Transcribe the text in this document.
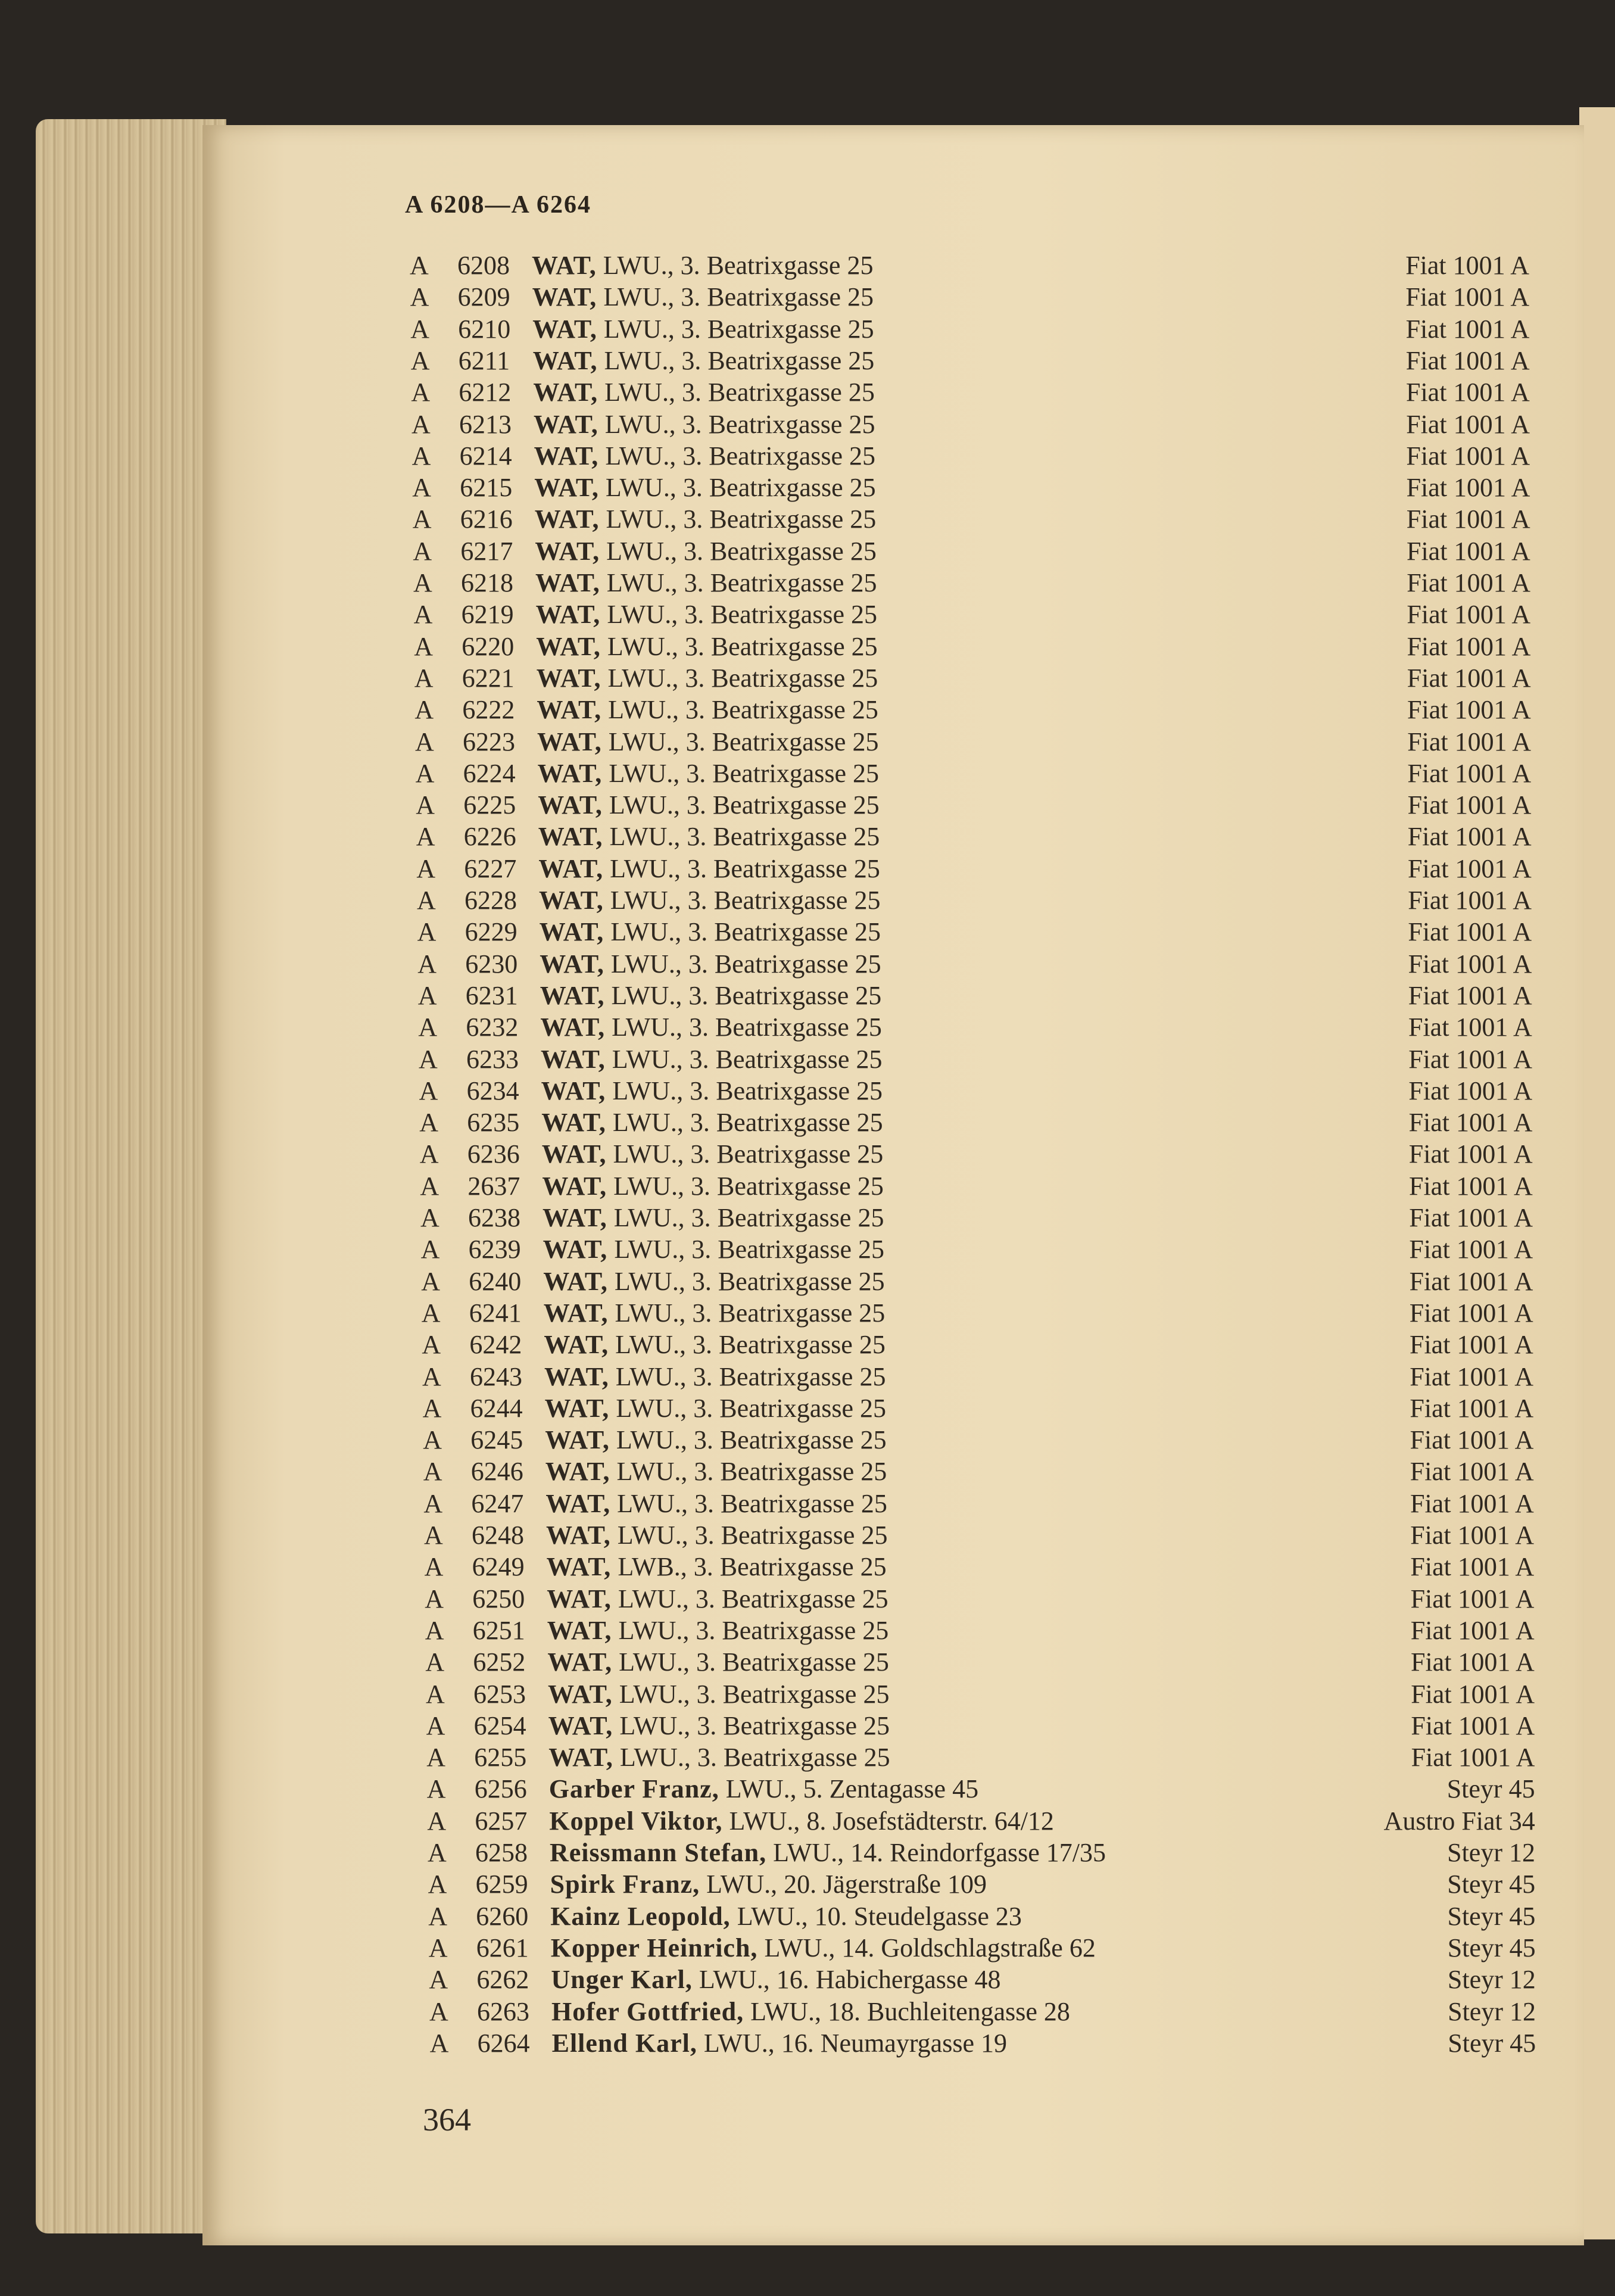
A 6208—A 6264
A 6208 WAT, LWU., 3. Beatrixgasse 25	Fiat 1001 A
A 6209 WAT, LWU., 3. Beatrixgasse 25	Fiat 1001 A
A 6210 WAT, LWU., 3. Beatrixgasse 25	Fiat 1001 A
A 6211 WAT, LWU., 3. Beatrixgasse 25	Fiat 1001 A
A 6212 WAT, LWU., 3. Beatrixgasse 25	Fiat 1001 A
A 6213 WAT, LWU., 3. Beatrixgasse 25	Fiat 1001 A
A 6214 WAT, LWU., 3. Beatrixgasse 25	Fiat 1001 A
A 6215 WAT, LWU., 3. Beatrixgasse 25	Fiat 1001 A
A 6216 WAT, LWU., 3. Beatrixgasse 25	Fiat 1001 A
A 6217 WAT, LWU., 3. Beatrixgasse 25	Fiat 1001 A
A 6218 WAT, LWU., 3. Beatrixgasse 25	Fiat 1001 A
A 6219 WAT, LWU., 3. Beatrixgasse 25	Fiat 1001 A
A 6220 WAT, LWU., 3. Beatrixgasse 25	Fiat 1001 A
A 6221 WAT, LWU., 3. Beatrixgasse 25	Fiat 1001 A
A 6222 WAT, LWU., 3. Beatrixgasse 25	Fiat 1001 A
A 6223 WAT, LWU., 3. Beatrixgasse 25	Fiat 1001 A
A 6224 WAT, LWU., 3. Beatrixgasse 25	Fiat 1001 A
A 6225 WAT, LWU., 3. Beatrixgasse 25	Fiat 1001 A
A 6226 WAT, LWU., 3. Beatrixgasse 25	Fiat 1001 A
A 6227 WAT, LWU., 3. Beatrixgasse 25	Fiat 1001 A
A 6228 WAT, LWU., 3. Beatrixgasse 25	Fiat 1001 A
A 6229 WAT, LWU., 3. Beatrixgasse 25	Fiat 1001 A
A 6230 WAT, LWU., 3. Beatrixgasse 25	Fiat 1001 A
A 6231 WAT, LWU., 3. Beatrixgasse 25	Fiat 1001 A
A 6232 WAT, LWU., 3. Beatrixgasse 25	Fiat 1001 A
A 6233 WAT, LWU., 3. Beatrixgasse 25	Fiat 1001 A
A 6234 WAT, LWU., 3. Beatrixgasse 25	Fiat 1001 A
A 6235 WAT, LWU., 3. Beatrixgasse 25	Fiat 1001 A
A 6236 WAT, LWU., 3. Beatrixgasse 25	Fiat 1001 A
A 2637 WAT, LWU., 3. Beatrixgasse 25	Fiat 1001 A
A 6238 WAT, LWU., 3. Beatrixgasse 25	Fiat 1001 A
A 6239 WAT, LWU., 3. Beatrixgasse 25	Fiat 1001 A
A 6240 WAT, LWU., 3. Beatrixgasse 25	Fiat 1001 A
A 6241 WAT, LWU., 3. Beatrixgasse 25	Fiat 1001 A
A 6242 WAT, LWU., 3. Beatrixgasse 25	Fiat 1001 A
A 6243 WAT, LWU., 3. Beatrixgasse 25	Fiat 1001 A
A 6244 WAT, LWU., 3. Beatrixgasse 25	Fiat 1001 A
A 6245 WAT, LWU., 3. Beatrixgasse 25	Fiat 1001 A
A 6246 WAT, LWU., 3. Beatrixgasse 25	Fiat 1001 A
A 6247 WAT, LWU., 3. Beatrixgasse 25	Fiat 1001 A
A 6248 WAT, LWU., 3. Beatrixgasse 25	Fiat 1001 A
A 6249 WAT, LWB., 3. Beatrixgasse 25	Fiat 1001 A
A 6250 WAT, LWU., 3. Beatrixgasse 25	Fiat 1001 A
A 6251 WAT, LWU., 3. Beatrixgasse 25	Fiat 1001 A
A 6252 WAT, LWU., 3. Beatrixgasse 25	Fiat 1001 A
A 6253 WAT, LWU., 3. Beatrixgasse 25	Fiat 1001 A
A 6254 WAT, LWU., 3. Beatrixgasse 25	Fiat 1001 A
A 6255 WAT, LWU., 3. Beatrixgasse 25	Fiat 1001 A
A 6256 Garber Franz, LWU., 5. Zentagasse 45	Steyr 45
A 6257 Koppel Viktor, LWU., 8. Josefstädterstr. 64/12	Austro Fiat 34
A 6258 Reissmann Stefan, LWU., 14. Reindorfgasse 17/35	Steyr 12
A 6259 Spirk Franz, LWU., 20. Jägerstraße 109	Steyr 45
A 6260 Kainz Leopold, LWU., 10. Steudelgasse 23	Steyr 45
A 6261 Kopper Heinrich, LWU., 14. Goldschlagstraße 62	Steyr 45
A 6262 Unger Karl, LWU., 16. Habichergasse 48	Steyr 12
A 6263 Hofer Gottfried, LWU., 18. Buchleitengasse 28	Steyr 12
A 6264 Ellend Karl, LWU., 16. Neumayrgasse 19	Steyr 45
364
